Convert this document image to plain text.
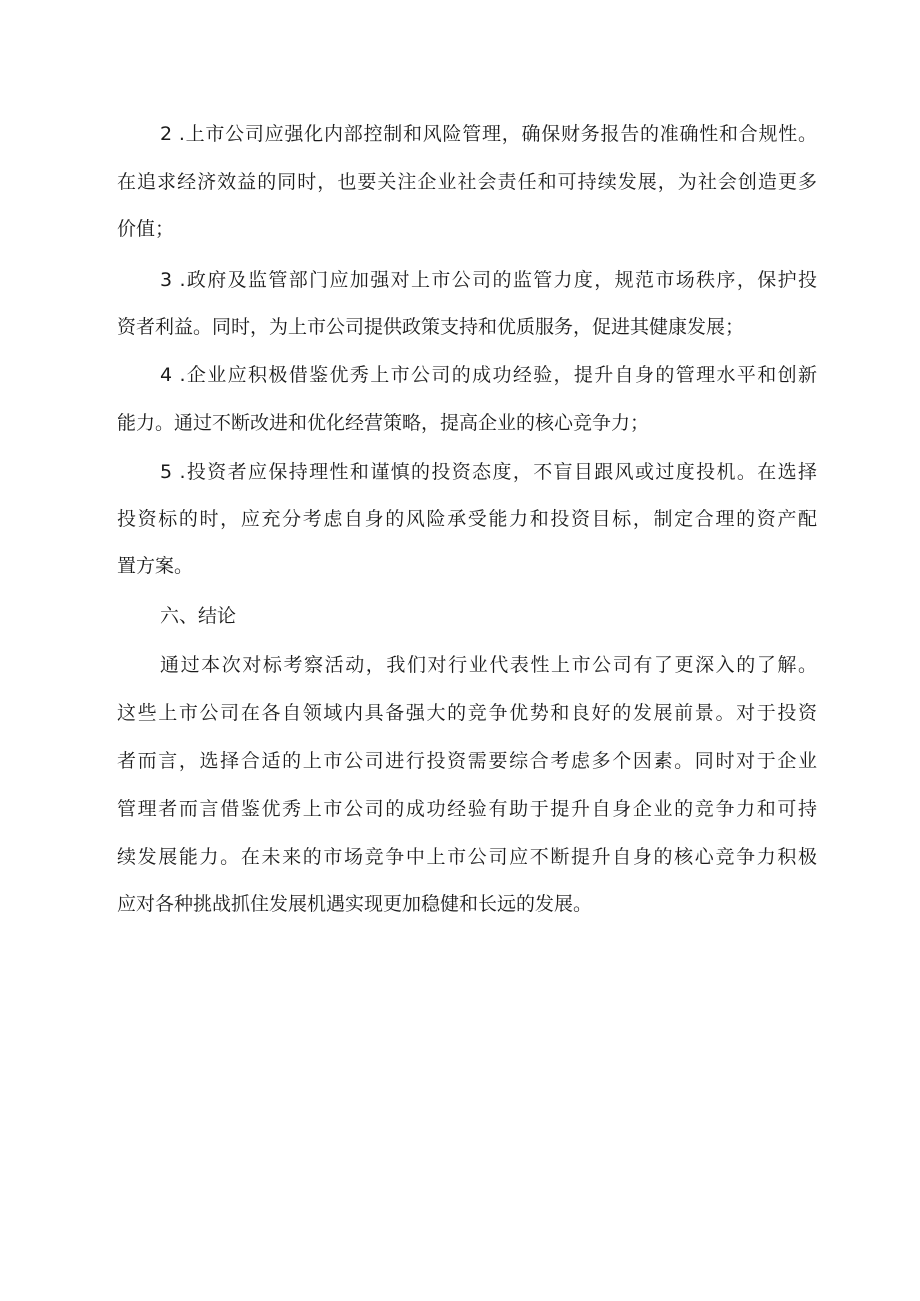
2 .上市公司应强化内部控制和风险管理，确保财务报告的准确性和合规性。
在追求经济效益的同时，也要关注企业社会责任和可持续发展，为社会创造更多
价值；
3 .政府及监管部门应加强对上市公司的监管力度，规范市场秩序，保护投
资者利益。同时，为上市公司提供政策支持和优质服务，促进其健康发展；
4 .企业应积极借鉴优秀上市公司的成功经验，提升自身的管理水平和创新
能力。通过不断改进和优化经营策略，提高企业的核心竞争力；
5 .投资者应保持理性和谨慎的投资态度，不盲目跟风或过度投机。在选择
投资标的时，应充分考虑自身的风险承受能力和投资目标，制定合理的资产配
置方案。
六、结论
通过本次对标考察活动，我们对行业代表性上市公司有了更深入的了解。
这些上市公司在各自领域内具备强大的竞争优势和良好的发展前景。对于投资
者而言，选择合适的上市公司进行投资需要综合考虑多个因素。同时对于企业
管理者而言借鉴优秀上市公司的成功经验有助于提升自身企业的竞争力和可持
续发展能力。在未来的市场竞争中上市公司应不断提升自身的核心竞争力积极
应对各种挑战抓住发展机遇实现更加稳健和长远的发展。
